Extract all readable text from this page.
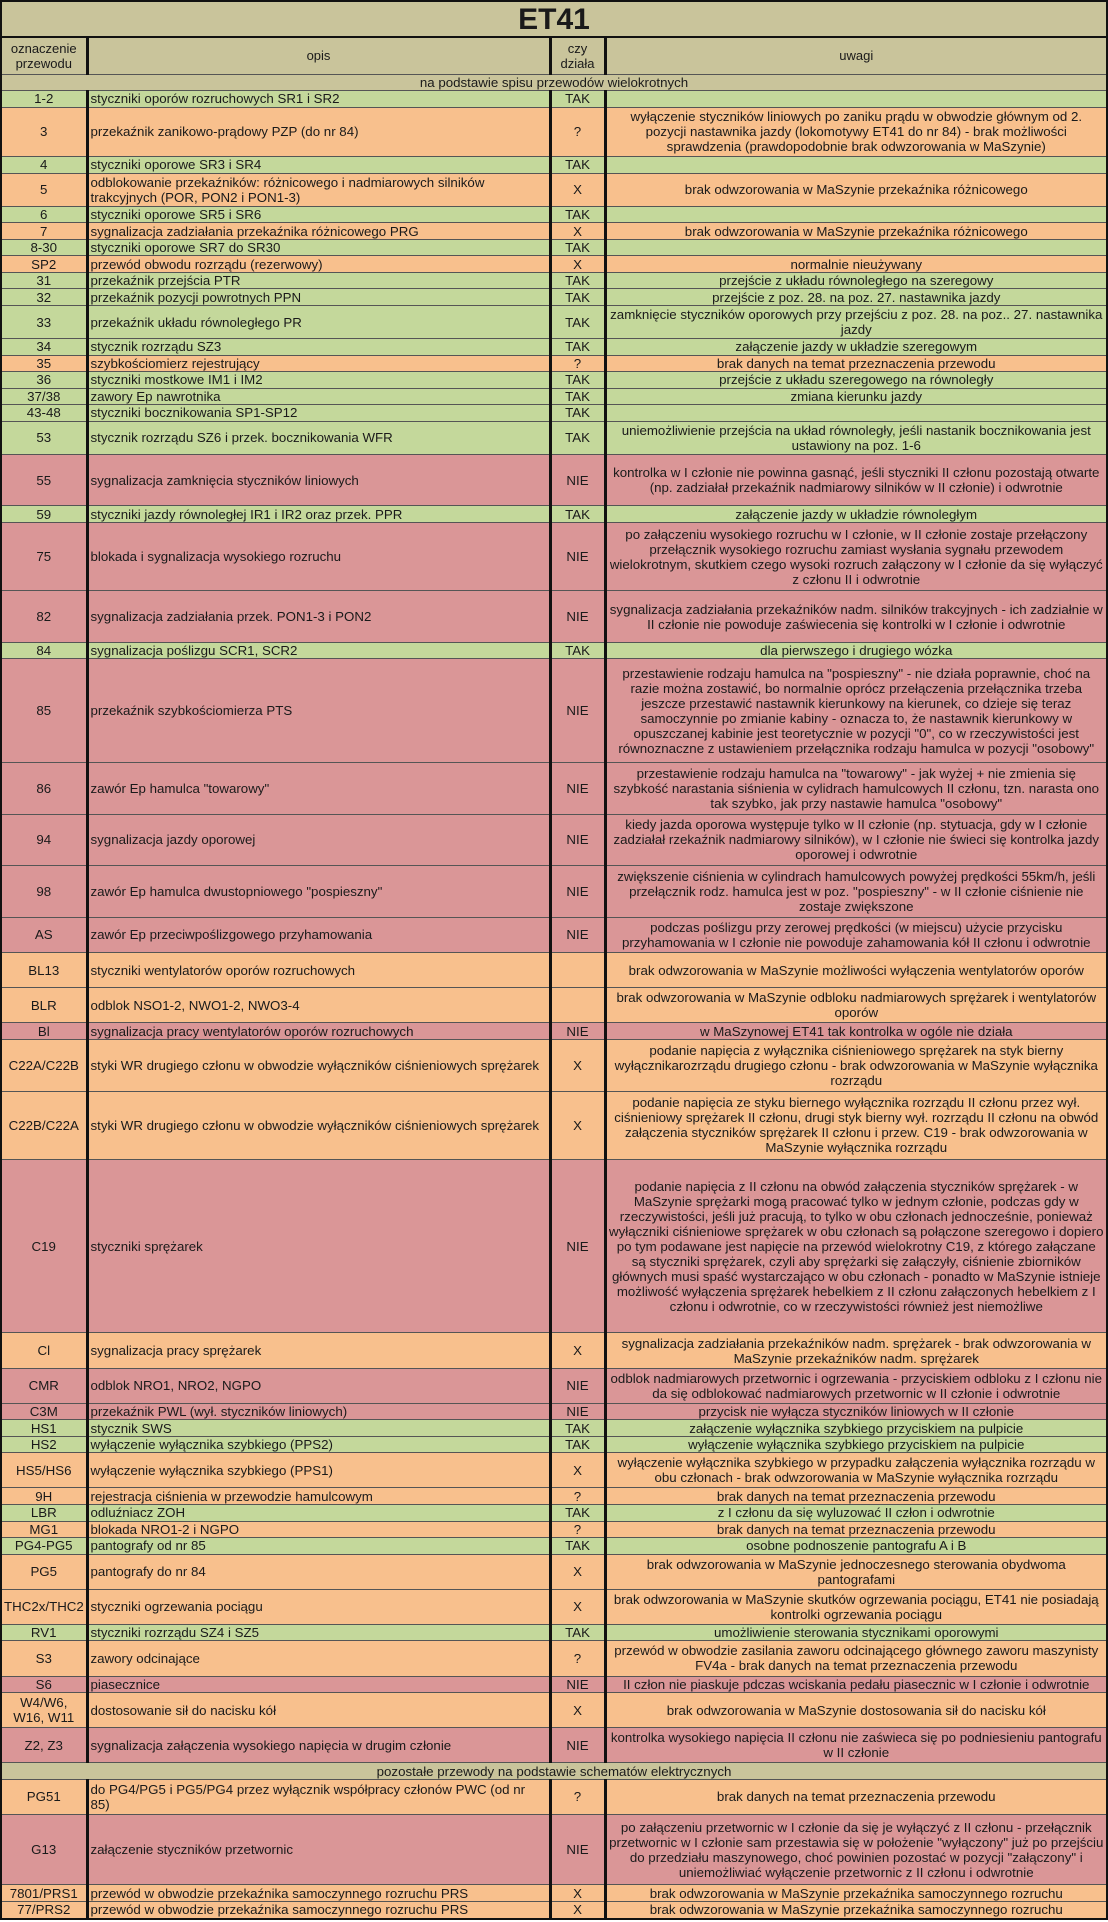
ET41			
oznaczenie przewodu	opis	czy działa	uwagi
na podstawie spisu przewodów wielokrotnych			
1-2	styczniki oporów rozruchowych SR1 i SR2	TAK	
3	przekaźnik zanikowo-prądowy PZP (do nr 84)	?	wyłączenie styczników liniowych po zaniku prądu w obwodzie głównym od 2. pozycji nastawnika jazdy (lokomotywy ET41 do nr 84) - brak możliwości sprawdzenia (prawdopodobnie brak odwzorowania w MaSzynie)
4	styczniki oporowe SR3 i SR4	TAK	
5	odblokowanie przekaźników: różnicowego i nadmiarowych silników trakcyjnych (POR, PON2 i PON1-3)	X	brak odwzorowania w MaSzynie przekaźnika różnicowego
6	styczniki oporowe SR5 i SR6	TAK	
7	sygnalizacja zadziałania przekaźnika różnicowego PRG	X	brak odwzorowania w MaSzynie przekaźnika różnicowego
8-30	styczniki oporowe SR7 do SR30	TAK	
SP2	przewód obwodu rozrządu (rezerwowy)	X	normalnie nieużywany
31	przekaźnik przejścia PTR	TAK	przejście z układu równoległego na szeregowy
32	przekaźnik pozycji powrotnych PPN	TAK	przejście z poz. 28. na poz. 27. nastawnika jazdy
33	przekaźnik układu równoległego PR	TAK	zamknięcie styczników oporowych przy przejściu z poz. 28. na poz.. 27. nastawnika jazdy
34	stycznik rozrządu SZ3	TAK	załączenie jazdy w układzie szeregowym
35	szybkościomierz rejestrujący	?	brak danych na temat przeznaczenia przewodu
36	styczniki mostkowe IM1 i IM2	TAK	przejście z układu szeregowego na równoległy
37/38	zawory Ep nawrotnika	TAK	zmiana kierunku jazdy
43-48	styczniki bocznikowania SP1-SP12	TAK	
53	stycznik rozrządu SZ6 i przek. bocznikowania WFR	TAK	uniemożliwienie przejścia na układ równoległy, jeśli nastanik bocznikowania jest ustawiony na poz. 1-6
55	sygnalizacja zamknięcia styczników liniowych	NIE	kontrolka w I członie nie powinna gasnąć, jeśli styczniki II członu pozostają otwarte (np. zadziałał przekaźnik nadmiarowy silników w II członie) i odwrotnie
59	styczniki jazdy równoległej IR1 i IR2 oraz przek. PPR	TAK	załączenie jazdy w układzie równoległym
75	blokada i sygnalizacja wysokiego rozruchu	NIE	po załączeniu wysokiego rozruchu w I członie, w II członie zostaje przełączony przełącznik wysokiego rozruchu zamiast wysłania sygnału przewodem wielokrotnym, skutkiem czego wysoki rozruch załączony w I członie da się wyłączyć z członu II i odwrotnie
82	sygnalizacja zadziałania przek. PON1-3 i PON2	NIE	sygnalizacja zadziałania przekaźników nadm. silników trakcyjnych - ich zadziałnie w II członie nie powoduje zaświecenia się kontrolki w I członie i odwrotnie
84	sygnalizacja poślizgu SCR1, SCR2	TAK	dla pierwszego i drugiego wózka
85	przekaźnik szybkościomierza PTS	NIE	przestawienie rodzaju hamulca na "pospieszny" - nie działa poprawnie, choć na razie można zostawić, bo normalnie oprócz przełączenia przełącznika trzeba jeszcze przestawić nastawnik kierunkowy na kierunek, co dzieje się teraz samoczynnie po zmianie kabiny - oznacza to, że nastawnik kierunkowy w opuszczanej kabinie jest teoretycznie w pozycji "0", co w rzeczywistości jest równoznaczne z ustawieniem przełącznika rodzaju hamulca w pozycji "osobowy"
86	zawór Ep hamulca "towarowy"	NIE	przestawienie rodzaju hamulca na "towarowy" - jak wyżej + nie zmienia się szybkość narastania siśnienia w cylidrach hamulcowych II członu, tzn. narasta ono tak szybko, jak przy nastawie hamulca "osobowy"
94	sygnalizacja jazdy oporowej	NIE	kiedy jazda oporowa występuje tylko w II członie (np. stytuacja, gdy w I członie zadziałał rzekaźnik nadmiarowy silników), w I członie nie świeci się kontrolka jazdy oporowej i odwrotnie
98	zawór Ep hamulca dwustopniowego "pospieszny"	NIE	zwiększenie ciśnienia w cylindrach hamulcowych powyżej prędkości 55km/h, jeśli przełącznik rodz. hamulca jest w poz. "pospieszny" - w II członie ciśnienie nie zostaje zwiększone
AS	zawór Ep przeciwpoślizgowego przyhamowania	NIE	podczas poślizgu przy zerowej prędkości (w miejscu) użycie przycisku przyhamowania w I członie nie powoduje zahamowania kół II członu i odwrotnie
BL13	styczniki wentylatorów oporów rozruchowych		brak odwzorowania w MaSzynie możliwości wyłączenia wentylatorów oporów
BLR	odblok NSO1-2, NWO1-2, NWO3-4		brak odwzorowania w MaSzynie odbloku nadmiarowych sprężarek i wentylatorów oporów
Bl	sygnalizacja pracy wentylatorów oporów rozruchowych	NIE	w MaSzynowej ET41 tak kontrolka w ogóle nie działa
C22A/C22B	styki WR drugiego członu w obwodzie wyłączników ciśnieniowych sprężarek	X	podanie napięcia z wyłącznika ciśnieniowego sprężarek na styk bierny wyłącznikarozrządu drugiego członu - brak odwzorowania w MaSzynie wyłącznika rozrządu
C22B/C22A	styki WR drugiego członu w obwodzie wyłączników ciśnieniowych sprężarek	X	podanie napięcia ze styku biernego wyłącznika rozrządu II członu przez wył. ciśnieniowy sprężarek II członu, drugi styk bierny wył. rozrządu II członu na obwód załączenia styczników sprężarek II członu i przew. C19 - brak odwzorowania w MaSzynie wyłącznika rozrządu
C19	styczniki sprężarek	NIE	podanie napięcia z II członu na obwód załączenia styczników sprężarek - w MaSzynie sprężarki mogą pracować tylko w jednym członie, podczas gdy w rzeczywistości, jeśli już pracują, to tylko w obu członach jednocześnie, ponieważ wyłączniki ciśnieniowe sprężarek w obu członach są połączone szeregowo i dopiero po tym podawane jest napięcie na przewód wielokrotny C19, z którego załączane są styczniki sprężarek, czyli aby sprężarki się załączyły, ciśnienie zbiorników głównych musi spaść wystarczająco w obu członach - ponadto w MaSzynie istnieje możliwość wyłączenia sprężarek hebelkiem z II członu załączonych hebelkiem z I członu i odwrotnie, co w rzeczywistości również jest niemożliwe
Cl	sygnalizacja pracy sprężarek	X	sygnalizacja zadziałania przekaźników nadm. sprężarek - brak odwzorowania w MaSzynie przekaźników nadm. sprężarek
CMR	odblok NRO1, NRO2, NGPO	NIE	odblok nadmiarowych przetwornic i ogrzewania - przyciskiem odbloku z I członu nie da się odblokować nadmiarowych przetwornic w II członie i odwrotnie
C3M	przekaźnik PWL (wył. styczników liniowych)	NIE	przycisk nie wyłącza styczników liniowych w II członie
HS1	stycznik SWS	TAK	załączenie wyłącznika szybkiego przyciskiem na pulpicie
HS2	wyłączenie wyłącznika szybkiego (PPS2)	TAK	wyłączenie wyłącznika szybkiego przyciskiem na pulpicie
HS5/HS6	wyłączenie wyłącznika szybkiego (PPS1)	X	wyłączenie wyłącznika szybkiego w przypadku załączenia wyłącznika rozrządu w obu członach - brak odwzorowania w MaSzynie wyłącznika rozrządu
9H	rejestracja ciśnienia w przewodzie hamulcowym	?	brak danych na temat przeznaczenia przewodu
LBR	odluźniacz ZOH	TAK	z I członu da się wyluzować II człon i odwrotnie
MG1	blokada NRO1-2 i NGPO	?	brak danych na temat przeznaczenia przewodu
PG4-PG5	pantografy od nr 85	TAK	osobne podnoszenie pantografu A i B
PG5	pantografy do nr 84	X	brak odwzorowania w MaSzynie jednoczesnego sterowania obydwoma pantografami
THC2x/THC2	styczniki ogrzewania pociągu	X	brak odwzorowania w MaSzynie skutków ogrzewania pociągu, ET41 nie posiadają kontrolki ogrzewania pociągu
RV1	styczniki rozrządu SZ4 i SZ5	TAK	umożliwienie sterowania stycznikami oporowymi
S3	zawory odcinające	?	przewód w obwodzie zasilania zaworu odcinającego głównego zaworu maszynisty FV4a - brak danych na temat przeznaczenia przewodu
S6	piasecznice	NIE	II człon nie piaskuje pdczas wciskania pedału piasecznic w I członie i odwrotnie
W4/W6, W16, W11	dostosowanie sił do nacisku kół	X	brak odwzorowania w MaSzynie dostosowania sił do nacisku kół
Z2, Z3	sygnalizacja załączenia wysokiego napięcia w drugim członie	NIE	kontrolka wysokiego napięcia II członu nie zaświeca się po podniesieniu pantografu w II członie
pozostałe przewody na podstawie schematów elektrycznych			
PG51	do PG4/PG5 i PG5/PG4 przez wyłącznik współpracy członów PWC (od nr 85)	?	brak danych na temat przeznaczenia przewodu
G13	załączenie styczników przetwornic	NIE	po załączeniu przetwornic w I członie da się je wyłączyć z II członu - przełącznik przetwornic w I członie sam przestawia się w położenie "wyłączony" już po przejściu do przedziału maszynowego, choć powinien pozostać w pozycji "załączony" i uniemożliwiać wyłączenie przetwornic z II członu i odwrotnie
7801/PRS1	przewód w obwodzie przekaźnika samoczynnego rozruchu PRS	X	brak odwzorowania w MaSzynie przekaźnika samoczynnego rozruchu
77/PRS2	przewód w obwodzie przekaźnika samoczynnego rozruchu PRS	X	brak odwzorowania w MaSzynie przekaźnika samoczynnego rozruchu
